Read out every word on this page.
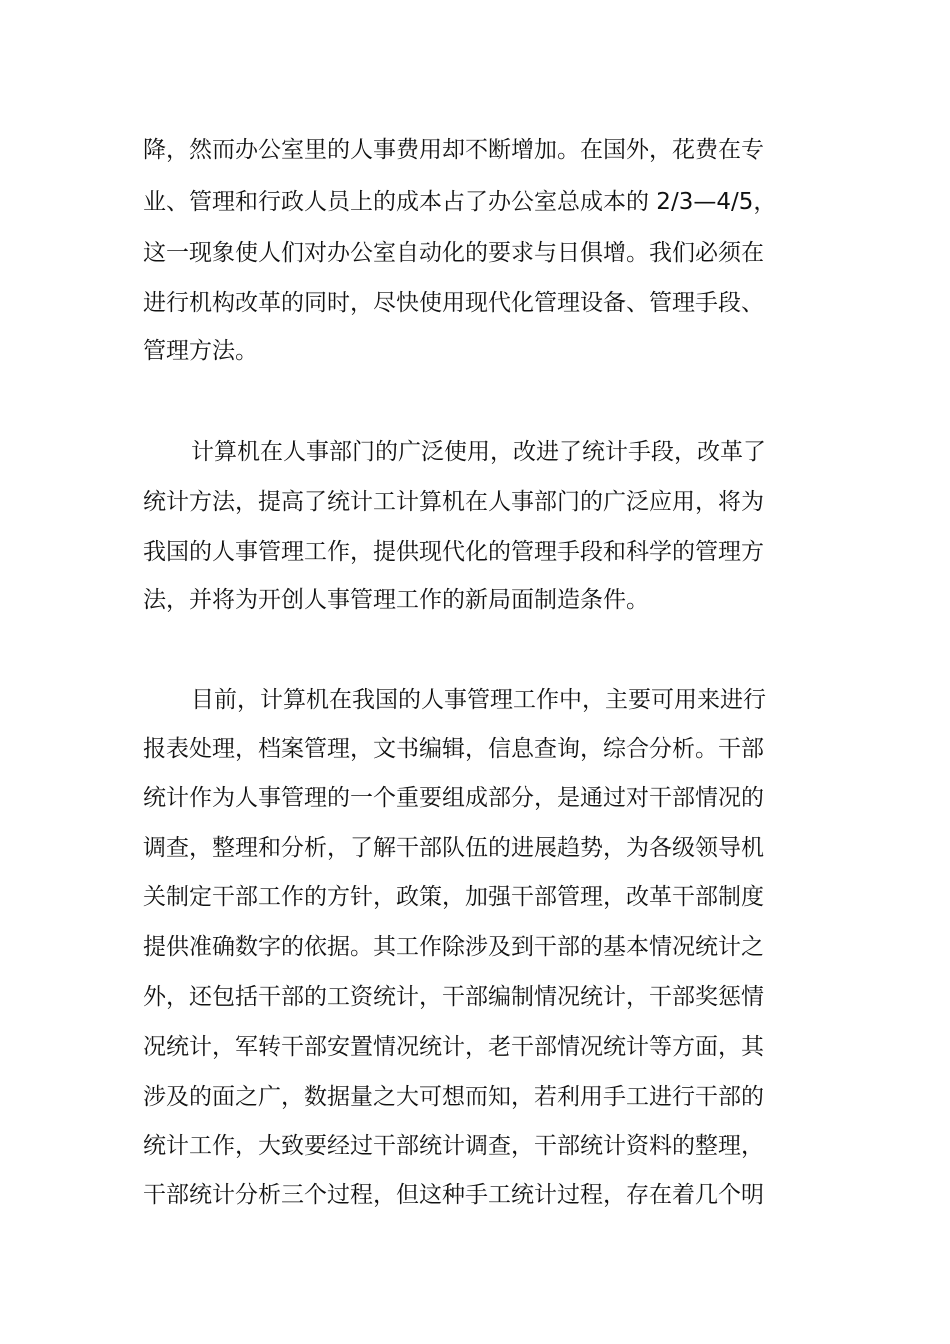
降，然而办公室里的人事费用却不断增加。在国外，花费在专
业、管理和行政人员上的成本占了办公室总成本的 2/3—4/5，
这一现象使人们对办公室自动化的要求与日俱增。我们必须在
进行机构改革的同时，尽快使用现代化管理设备、管理手段、
管理方法。
计算机在人事部门的广泛使用，改进了统计手段，改革了
统计方法，提高了统计工计算机在人事部门的广泛应用，将为
我国的人事管理工作，提供现代化的管理手段和科学的管理方
法，并将为开创人事管理工作的新局面制造条件。
目前，计算机在我国的人事管理工作中，主要可用来进行
报表处理，档案管理，文书编辑，信息查询，综合分析。干部
统计作为人事管理的一个重要组成部分，是通过对干部情况的
调查，整理和分析，了解干部队伍的进展趋势，为各级领导机
关制定干部工作的方针，政策，加强干部管理，改革干部制度
提供准确数字的依据。其工作除涉及到干部的基本情况统计之
外，还包括干部的工资统计，干部编制情况统计，干部奖惩情
况统计，军转干部安置情况统计，老干部情况统计等方面，其
涉及的面之广，数据量之大可想而知，若利用手工进行干部的
统计工作，大致要经过干部统计调查，干部统计资料的整理，
干部统计分析三个过程，但这种手工统计过程，存在着几个明
